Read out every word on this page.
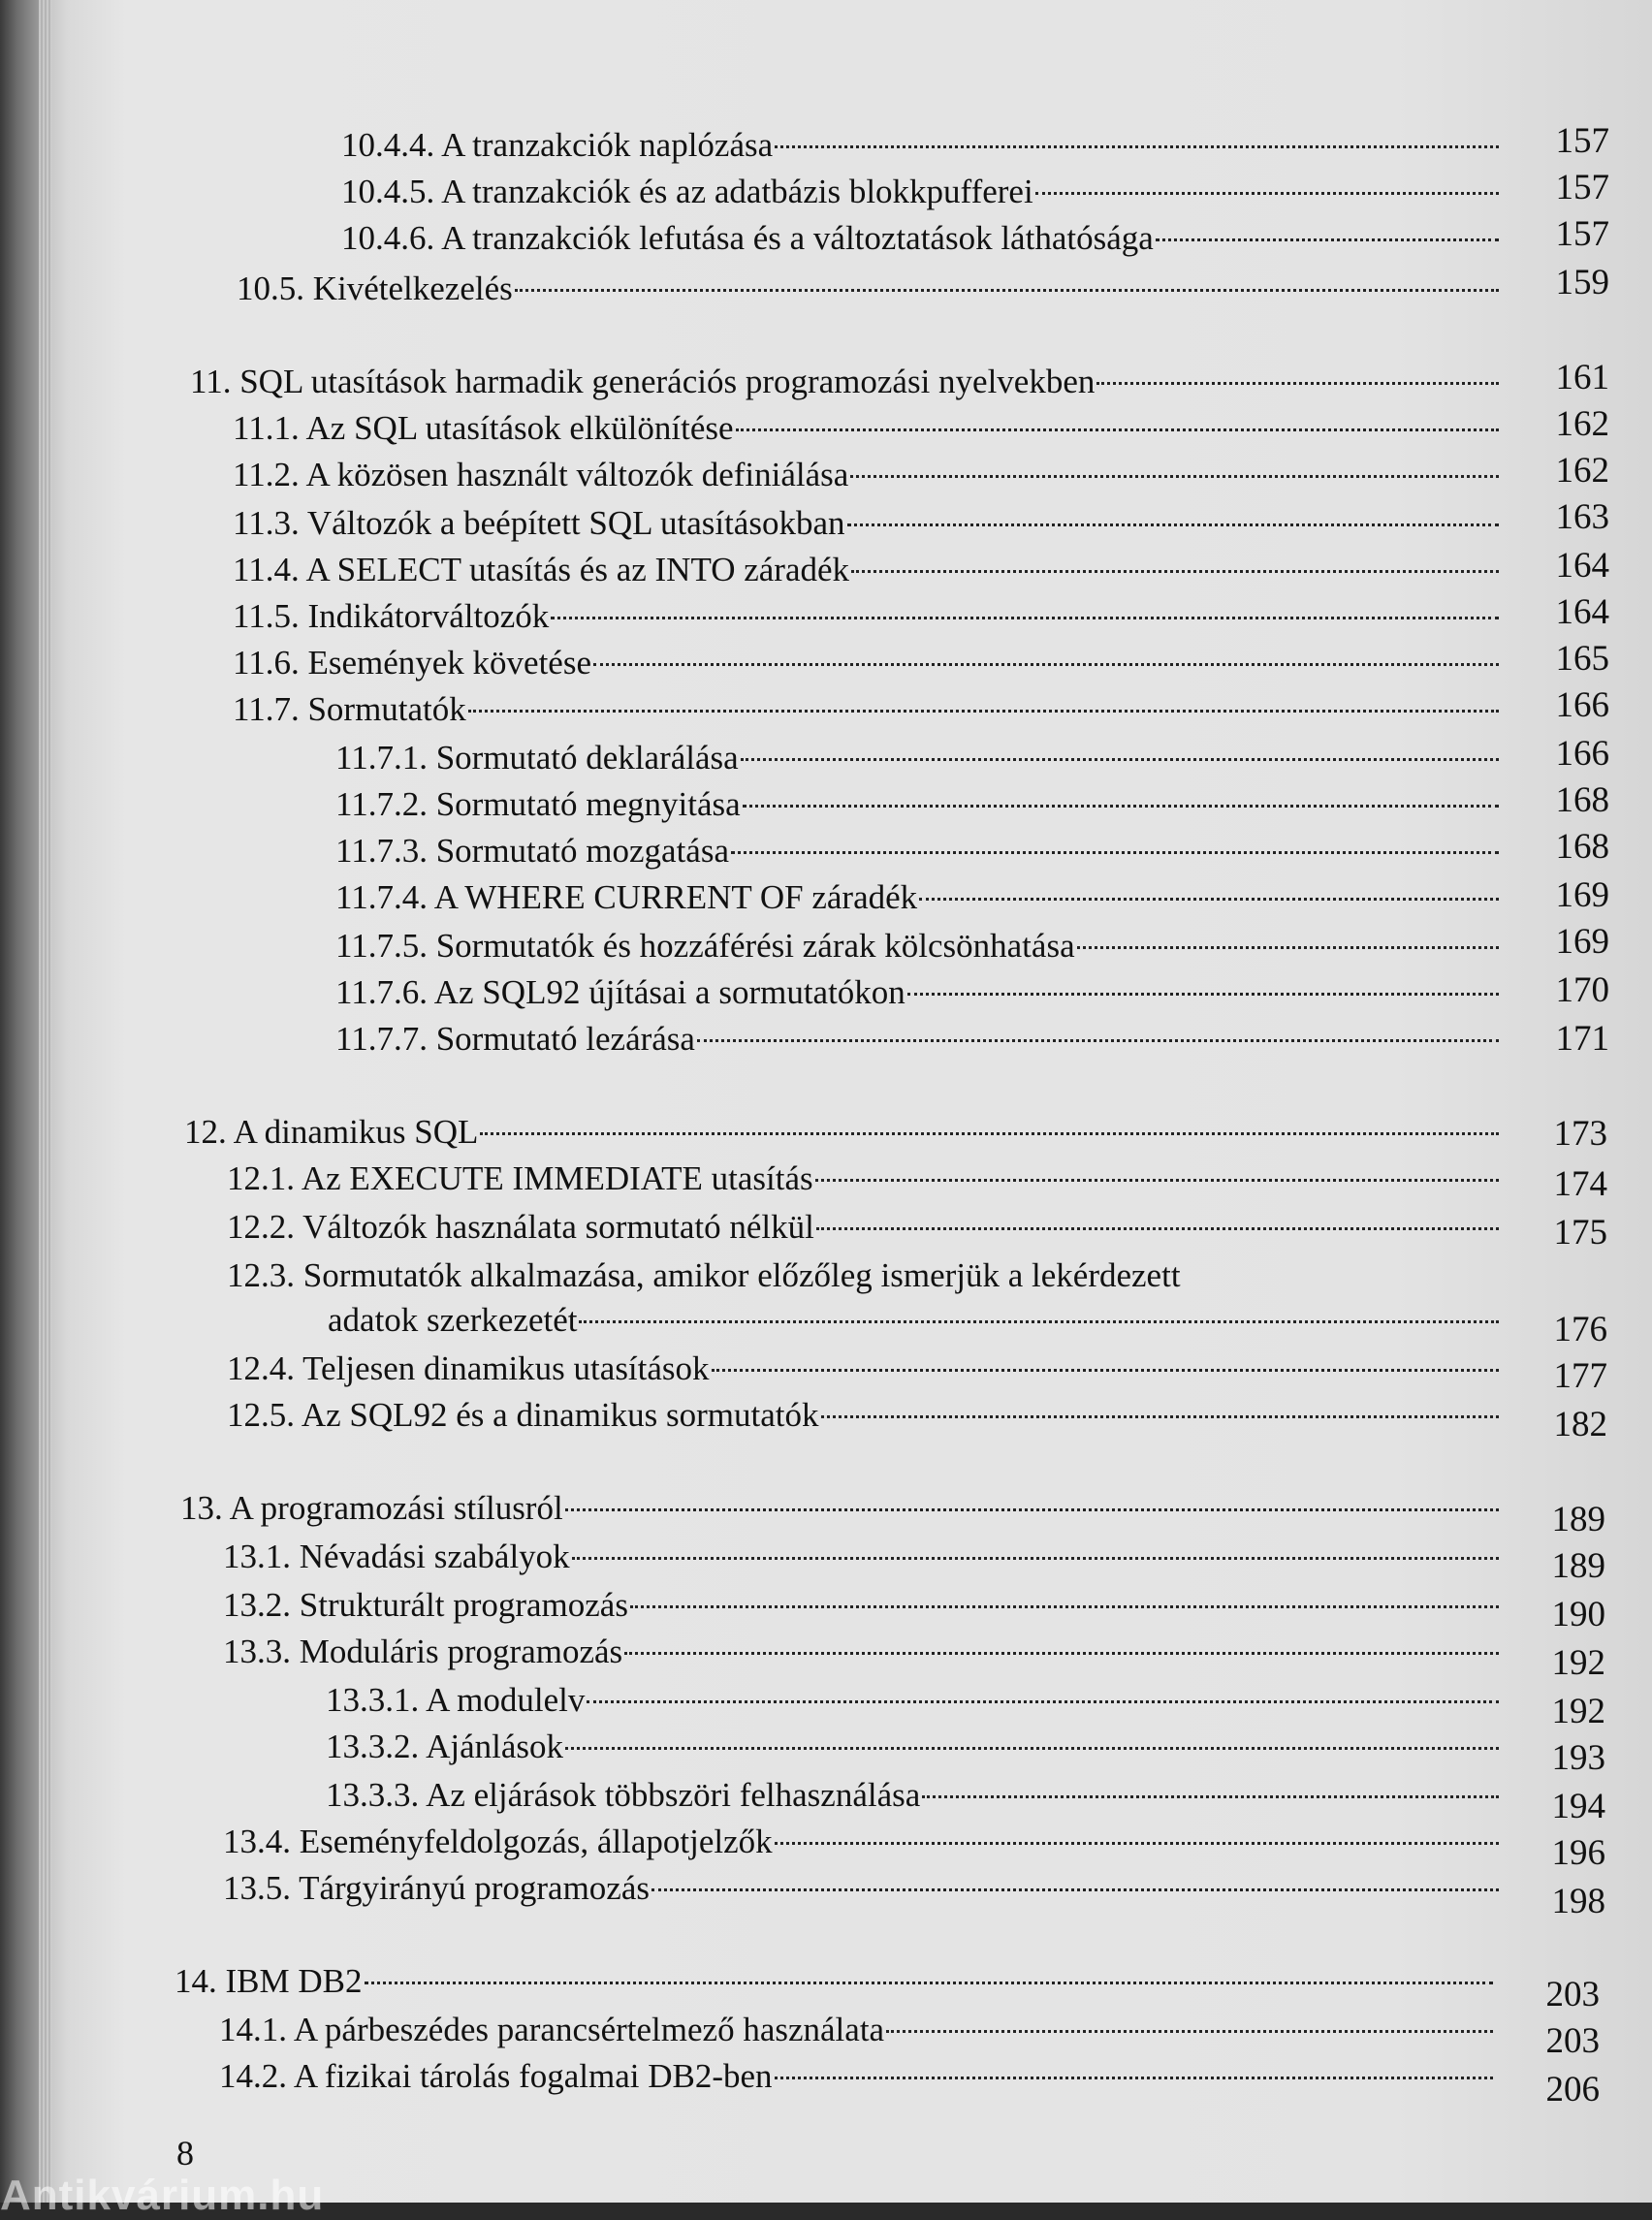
10.4.4. A tranzakciók naplózása	157
10.4.5. A tranzakciók és az adatbázis blokkpufferei	157
10.4.6. A tranzakciók lefutása és a változtatások láthatósága	157
10.5. Kivételkezelés	159
11. SQL utasítások harmadik generációs programozási nyelvekben	161
11.1. Az SQL utasítások elkülönítése	162
11.2. A közösen használt változók definiálása	162
11.3. Változók a beépített SQL utasításokban	163
11.4. A SELECT utasítás és az INTO záradék	164
11.5. Indikátorváltozók	164
11.6. Események követése	165
11.7. Sormutatók	166
11.7.1. Sormutató deklarálása	166
11.7.2. Sormutató megnyitása	168
11.7.3. Sormutató mozgatása	168
11.7.4. A WHERE CURRENT OF záradék	169
11.7.5. Sormutatók és hozzáférési zárak kölcsönhatása	169
11.7.6. Az SQL92 újításai a sormutatókon	170
11.7.7. Sormutató lezárása	171
12. A dinamikus SQL	173
12.1. Az EXECUTE IMMEDIATE utasítás	174
12.2. Változók használata sormutató nélkül	175
12.3. Sormutatók alkalmazása, amikor előzőleg ismerjük a lekérdezett
adatok szerkezetét	176
12.4. Teljesen dinamikus utasítások	177
12.5. Az SQL92 és a dinamikus sormutatók	182
13. A programozási stílusról	189
13.1. Névadási szabályok	189
13.2. Strukturált programozás	190
13.3. Moduláris programozás	192
13.3.1. A modulelv	192
13.3.2. Ajánlások	193
13.3.3. Az eljárások többszöri felhasználása	194
13.4. Eseményfeldolgozás, állapotjelzők	196
13.5. Tárgyirányú programozás	198
14. IBM DB2	203
14.1. A párbeszédes parancsértelmező használata	203
14.2. A fizikai tárolás fogalmai DB2-ben	206
8
Antikvárium.hu
